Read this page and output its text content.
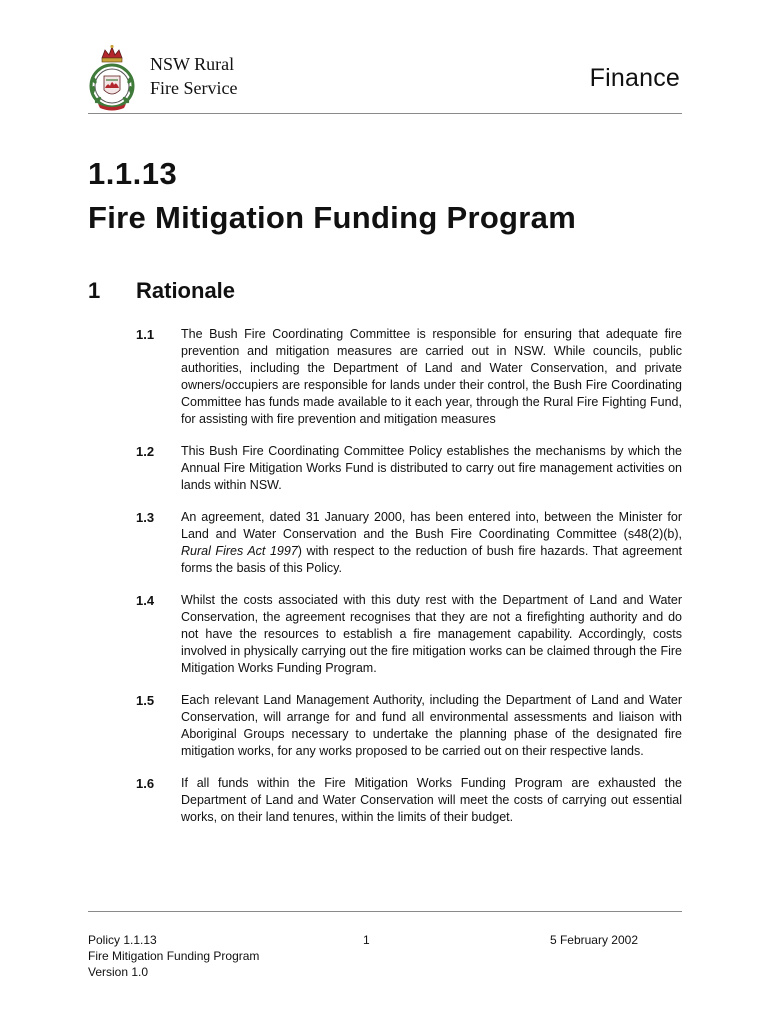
NSW Rural
Fire Service	Finance
1.1.13
Fire Mitigation Funding Program
1 Rationale
1.1 The Bush Fire Coordinating Committee is responsible for ensuring that adequate fire prevention and mitigation measures are carried out in NSW. While councils, public authorities, including the Department of Land and Water Conservation, and private owners/occupiers are responsible for lands under their control, the Bush Fire Coordinating Committee has funds made available to it each year, through the Rural Fire Fighting Fund, for assisting with fire prevention and mitigation measures
1.2 This Bush Fire Coordinating Committee Policy establishes the mechanisms by which the Annual Fire Mitigation Works Fund is distributed to carry out fire management activities on lands within NSW.
1.3 An agreement, dated 31 January 2000, has been entered into, between the Minister for Land and Water Conservation and the Bush Fire Coordinating Committee (s48(2)(b), Rural Fires Act 1997) with respect to the reduction of bush fire hazards. That agreement forms the basis of this Policy.
1.4 Whilst the costs associated with this duty rest with the Department of Land and Water Conservation, the agreement recognises that they are not a firefighting authority and do not have the resources to establish a fire management capability. Accordingly, costs involved in physically carrying out the fire mitigation works can be claimed through the Fire Mitigation Works Funding Program.
1.5 Each relevant Land Management Authority, including the Department of Land and Water Conservation, will arrange for and fund all environmental assessments and liaison with Aboriginal Groups necessary to undertake the planning phase of the designated fire mitigation works, for any works proposed to be carried out on their respective lands.
1.6 If all funds within the Fire Mitigation Works Funding Program are exhausted the Department of Land and Water Conservation will meet the costs of carrying out essential works, on their land tenures, within the limits of their budget.
Policy 1.1.13
Fire Mitigation Funding Program
Version 1.0
1	5 February 2002
